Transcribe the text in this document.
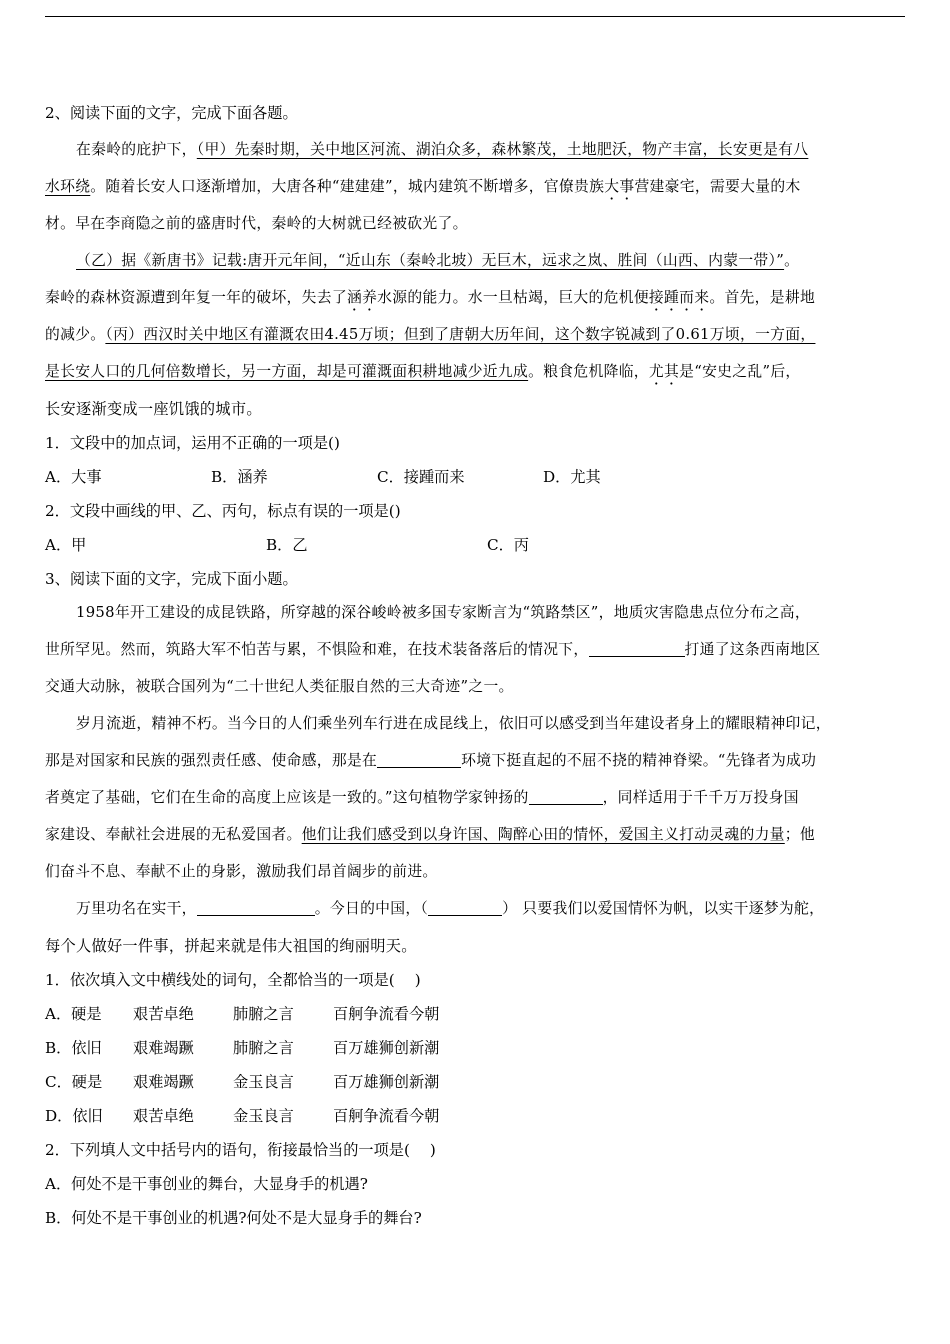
2、阅读下面的文字，完成下面各题。
在秦岭的庇护下，（甲）先秦时期，关中地区河流、湖泊众多，森林繁茂，土地肥沃，物产丰富，长安更是有八
水环绕。随着长安人口逐渐增加，大唐各种“建建建”，城内建筑不断增多，官僚贵族大事营建豪宅，需要大量的木
材。早在李商隐之前的盛唐时代，秦岭的大树就已经被砍光了。
（乙）据《新唐书》记载:唐开元年间，“近山东（秦岭北坡）无巨木，远求之岚、胜间（山西、内蒙一带）”。
秦岭的森林资源遭到年复一年的破坏，失去了涵养水源的能力。水一旦枯竭，巨大的危机便接踵而来。首先，是耕地
的减少。（丙）西汉时关中地区有灌溉农田4.45万顷；但到了唐朝大历年间，这个数字锐减到了0.61万顷，一方面，
是长安人口的几何倍数增长，另一方面，却是可灌溉面积耕地减少近九成。粮食危机降临，尤其是“安史之乱”后，
长安逐渐变成一座饥饿的城市。
1．文段中的加点词，运用不正确的一项是()
A．大事	B．涵养	C．接踵而来	D．尤其
2．文段中画线的甲、乙、丙句，标点有误的一项是()
A．甲	B．乙	C．丙
3、阅读下面的文字，完成下面小题。
1958年开工建设的成昆铁路，所穿越的深谷峻岭被多国专家断言为“筑路禁区”，地质灾害隐患点位分布之高，
世所罕见。然而，筑路大军不怕苦与累，不惧险和难，在技术装备落后的情况下，	打通了这条西南地区
交通大动脉，被联合国列为“二十世纪人类征服自然的三大奇迹”之一。
岁月流逝，精神不朽。当今日的人们乘坐列车行进在成昆线上，依旧可以感受到当年建设者身上的耀眼精神印记，
那是对国家和民族的强烈责任感、使命感，那是在	环境下挺直起的不屈不挠的精神脊梁。“先锋者为成功
者奠定了基础，它们在生命的高度上应该是一致的。”这句植物学家钟扬的	，同样适用于千千万万投身国
家建设、奉献社会进展的无私爱国者。他们让我们感受到以身许国、陶醉心田的情怀，爱国主义打动灵魂的力量；他
们奋斗不息、奉献不止的身影，激励我们昂首阔步的前进。
万里功名在实干，	。今日的中国，（	） 只要我们以爱国情怀为帆，以实干逐梦为舵，
每个人做好一件事，拼起来就是伟大祖国的绚丽明天。
1．依次填入文中横线处的词句，全都恰当的一项是(　 )
A．硬是 艰苦卓绝	肺腑之言	百舸争流看今朝
B．依旧 艰难竭蹶	肺腑之言	百万雄狮创新潮
C．硬是 艰难竭蹶	金玉良言	百万雄狮创新潮
D．依旧 艰苦卓绝	金玉良言	百舸争流看今朝
2．下列填人文中括号内的语句，衔接最恰当的一项是(　 )
A．何处不是干事创业的舞台，大显身手的机遇?
B．何处不是干事创业的机遇?何处不是大显身手的舞台?
